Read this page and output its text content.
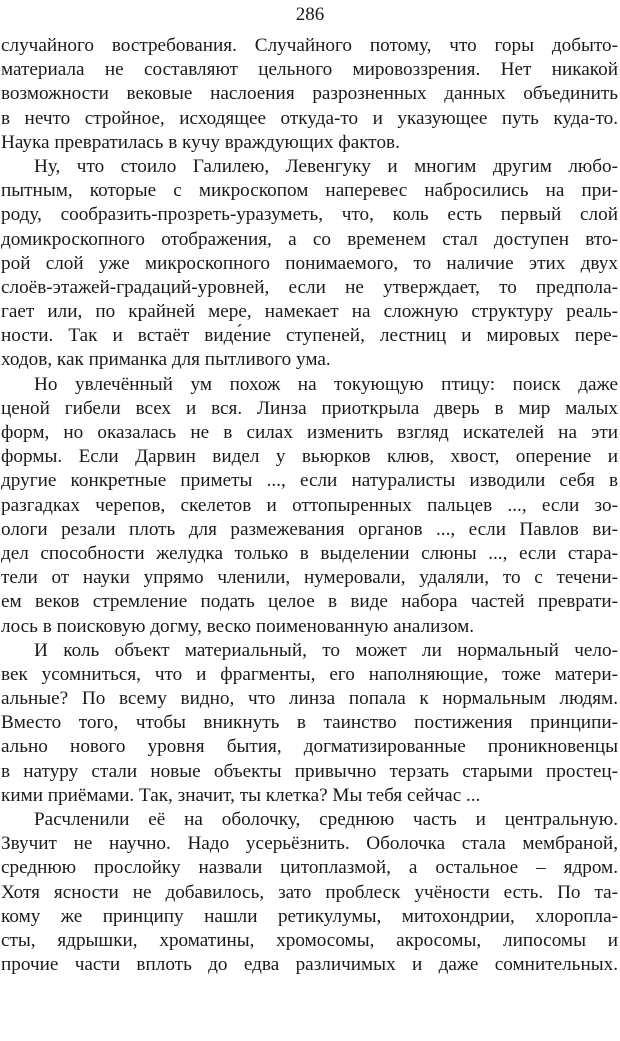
286
случайного востребования. Случайного потому, что горы добыто-
материала не составляют цельного мировоззрения. Нет никакой
возможности вековые наслоения разрозненных данных объединить
в нечто стройное, исходящее откуда-то и указующее путь куда-то.
Наука превратилась в кучу враждующих фактов.
Ну, что стоило Галилею, Левенгуку и многим другим любо-
пытным, которые с микроскопом наперевес набросились на при-
роду, сообразить-прозреть-уразуметь, что, коль есть первый слой
домикроскопного отображения, а со временем стал доступен вто-
рой слой уже микроскопного понимаемого, то наличие этих двух
слоёв-этажей-градаций-уровней, если не утверждает, то предпола-
гает или, по крайней мере, намекает на сложную структуру реаль-
ности. Так и встаёт виде́ние ступеней, лестниц и мировых пере-
ходов, как приманка для пытливого ума.
Но увлечённый ум похож на токующую птицу: поиск даже
ценой гибели всех и вся. Линза приоткрыла дверь в мир малых
форм, но оказалась не в силах изменить взгляд искателей на эти
формы. Если Дарвин видел у вьюрков клюв, хвост, оперение и
другие конкретные приметы ..., если натуралисты изводили себя в
разгадках черепов, скелетов и оттопыренных пальцев ..., если зо-
ологи резали плоть для размежевания органов ..., если Павлов ви-
дел способности желудка только в выделении слюны ..., если стара-
тели от науки упрямо членили, нумеровали, удаляли, то с течени-
ем веков стремление подать целое в виде набора частей преврати-
лось в поисковую догму, веско поименованную анализом.
И коль объект материальный, то может ли нормальный чело-
век усомниться, что и фрагменты, его наполняющие, тоже матери-
альные? По всему видно, что линза попала к нормальным людям.
Вместо того, чтобы вникнуть в таинство постижения принципи-
ально нового уровня бытия, догматизированные проникновенцы
в натуру стали новые объекты привычно терзать старыми простец-
кими приёмами. Так, значит, ты клетка? Мы тебя сейчас ...
Расчленили её на оболочку, среднюю часть и центральную.
Звучит не научно. Надо усерьёзнить. Оболочка стала мембраной,
среднюю прослойку назвали цитоплазмой, а остальное – ядром.
Хотя ясности не добавилось, зато проблеск учёности есть. По та-
кому же принципу нашли ретикулумы, митохондрии, хлоропла-
сты, ядрышки, хроматины, хромосомы, акросомы, липосомы и
прочие части вплоть до едва различимых и даже сомнительных.
